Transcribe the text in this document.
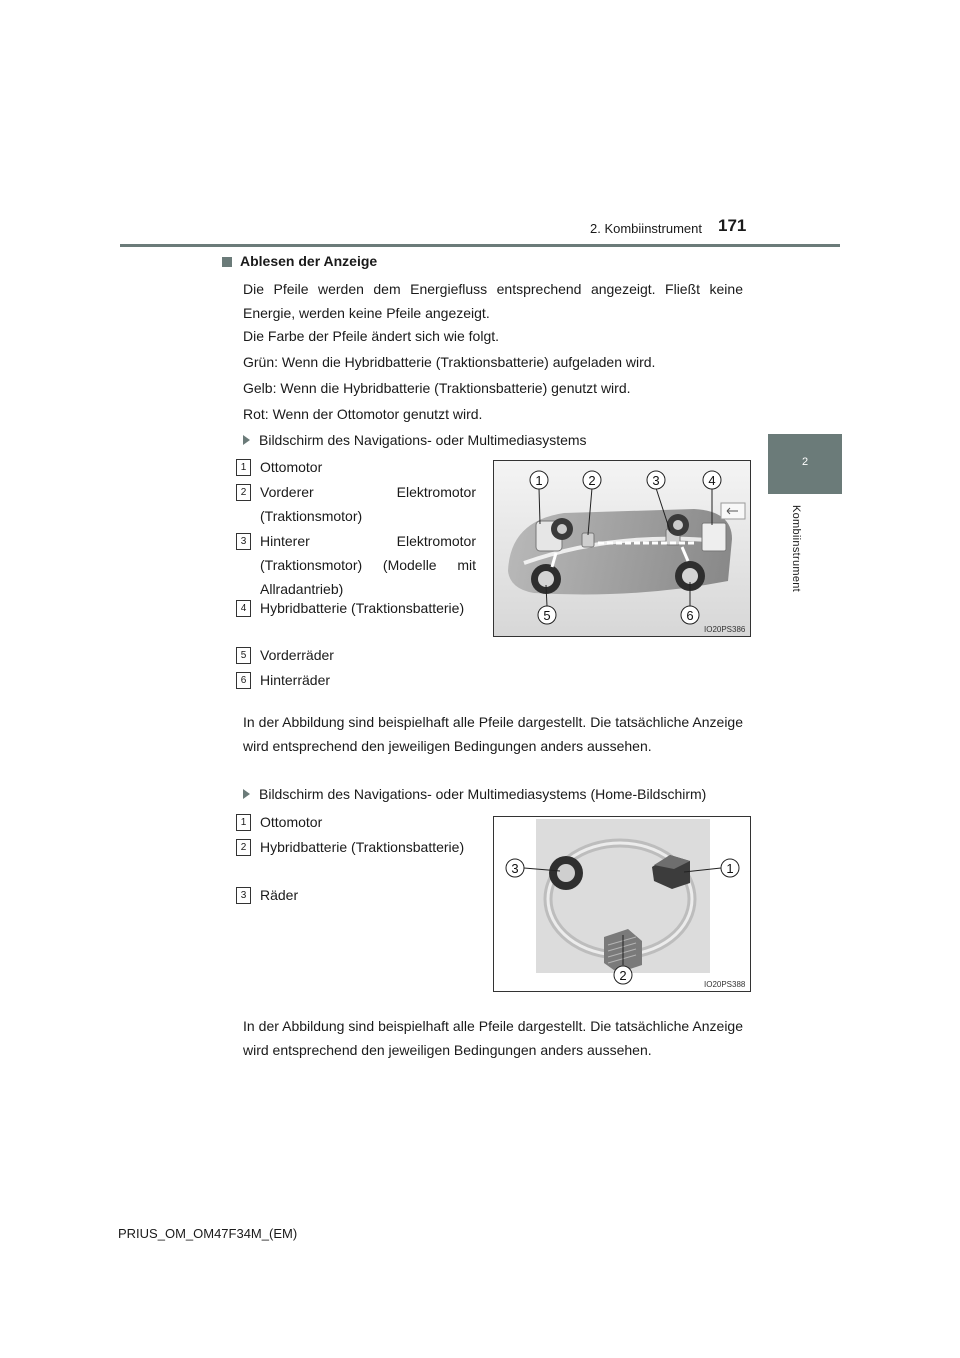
2. Kombiinstrument 171
2
Kombiinstrument
Ablesen der Anzeige
Die Pfeile werden dem Energiefluss entsprechend angezeigt. Fließt keine Energie, werden keine Pfeile angezeigt.
Die Farbe der Pfeile ändert sich wie folgt.
Grün: Wenn die Hybridbatterie (Traktionsbatterie) aufgeladen wird.
Gelb: Wenn die Hybridbatterie (Traktionsbatterie) genutzt wird.
Rot: Wenn der Ottomotor genutzt wird.
Bildschirm des Navigations- oder Multimediasystems
1 Ottomotor
2 Vorderer Elektromotor (Traktionsmotor)
3 Hinterer Elektromotor (Traktionsmotor) (Modelle mit Allradantrieb)
4 Hybridbatterie (Traktionsbatterie)
5 Vorderräder
6 Hinterräder
1	2	3	4
5	6
IO20PS386
In der Abbildung sind beispielhaft alle Pfeile dargestellt. Die tatsächliche Anzeige wird entsprechend den jeweiligen Bedingungen anders aussehen.
Bildschirm des Navigations- oder Multimediasystems (Home-Bildschirm)
1 Ottomotor
2 Hybridbatterie (Traktionsbatterie)
3 Räder
3	1
2
IO20PS388
In der Abbildung sind beispielhaft alle Pfeile dargestellt. Die tatsächliche Anzeige wird entsprechend den jeweiligen Bedingungen anders aussehen.
PRIUS_OM_OM47F34M_(EM)
